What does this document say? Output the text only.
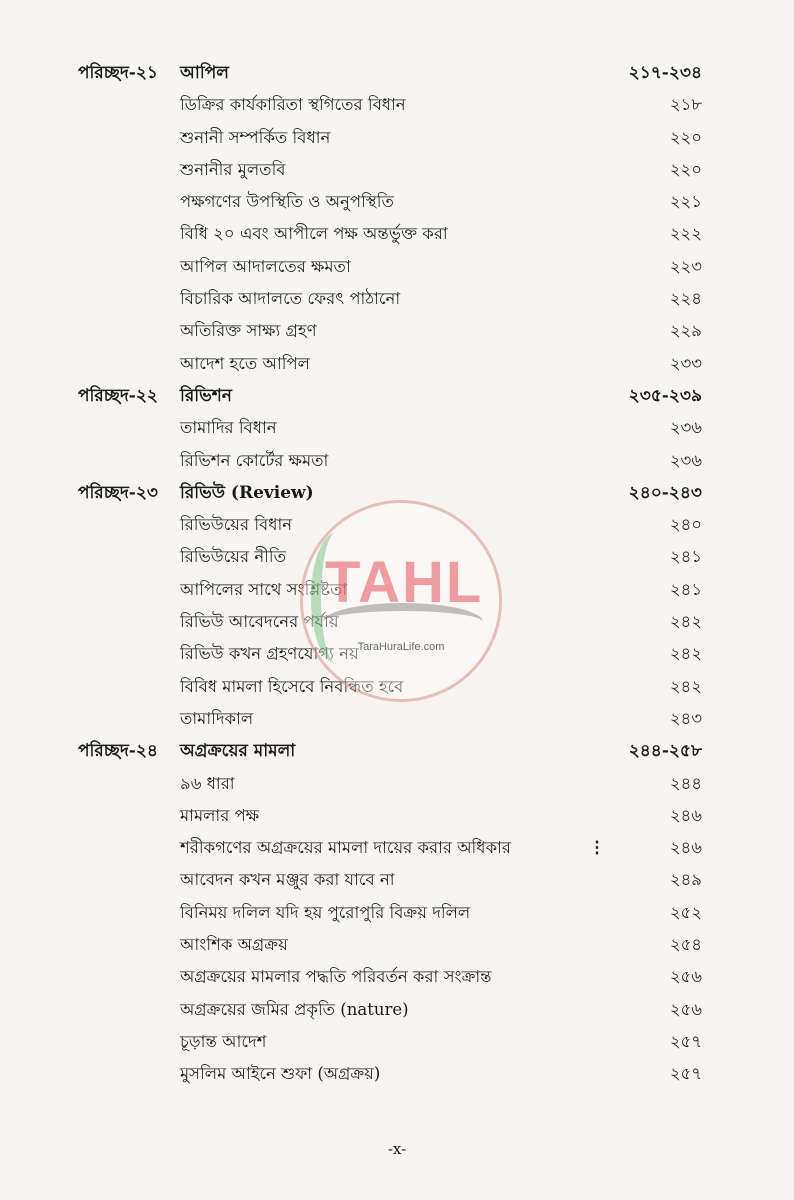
পরিচ্ছদ-২১	আপিল	২১৭-২৩৪
ডিক্রির কার্যকারিতা স্থগিতের বিধান	২১৮
শুনানী সম্পর্কিত বিধান	২২০
শুনানীর মুলতবি	২২০
পক্ষগণের উপস্থিতি ও অনুপস্থিতি	২২১
বিধি ২০ এবং আপীলে পক্ষ অন্তর্ভুক্ত করা	২২২
আপিল আদালতের ক্ষমতা	২২৩
বিচারিক আদালতে ফেরৎ পাঠানো	২২৪
অতিরিক্ত সাক্ষ্য গ্রহণ	২২৯
আদেশ হতে আপিল	২৩৩
পরিচ্ছদ-২২	রিভিশন	২৩৫-২৩৯
তামাদির বিধান	২৩৬
রিভিশন কোর্টের ক্ষমতা	২৩৬
পরিচ্ছদ-২৩	রিভিউ (Review)	২৪০-২৪৩
রিভিউয়ের বিধান	২৪০
রিভিউয়ের নীতি	২৪১
আপিলের সাথে সংশ্লিষ্টতা	২৪১
রিভিউ আবেদনের পর্যায়	২৪২
রিভিউ কখন গ্রহণযোগ্য নয়	২৪২
বিবিধ মামলা হিসেবে নিবন্ধিত হবে	২৪২
তামাদিকাল	২৪৩
পরিচ্ছদ-২৪	অগ্রক্রয়ের মামলা	২৪৪-২৫৮
৯৬ ধারা	২৪৪
মামলার পক্ষ	২৪৬
শরীকগণের অগ্রক্রয়ের মামলা দায়ের করার অধিকার	⋮	২৪৬
আবেদন কখন মঞ্জুর করা যাবে না	২৪৯
বিনিময় দলিল যদি হয় পুরোপুরি বিক্রয় দলিল	২৫২
আংশিক অগ্রক্রয়	২৫৪
অগ্রক্রয়ের মামলার পদ্ধতি পরিবর্তন করা সংক্রান্ত	২৫৬
অগ্রক্রয়ের জমির প্রকৃতি (nature)	২৫৬
চূড়ান্ত আদেশ	২৫৭
মুসলিম আইনে শুফা (অগ্রক্রয়)	২৫৭
TAHL
TaraHuraLife.com
-x-
